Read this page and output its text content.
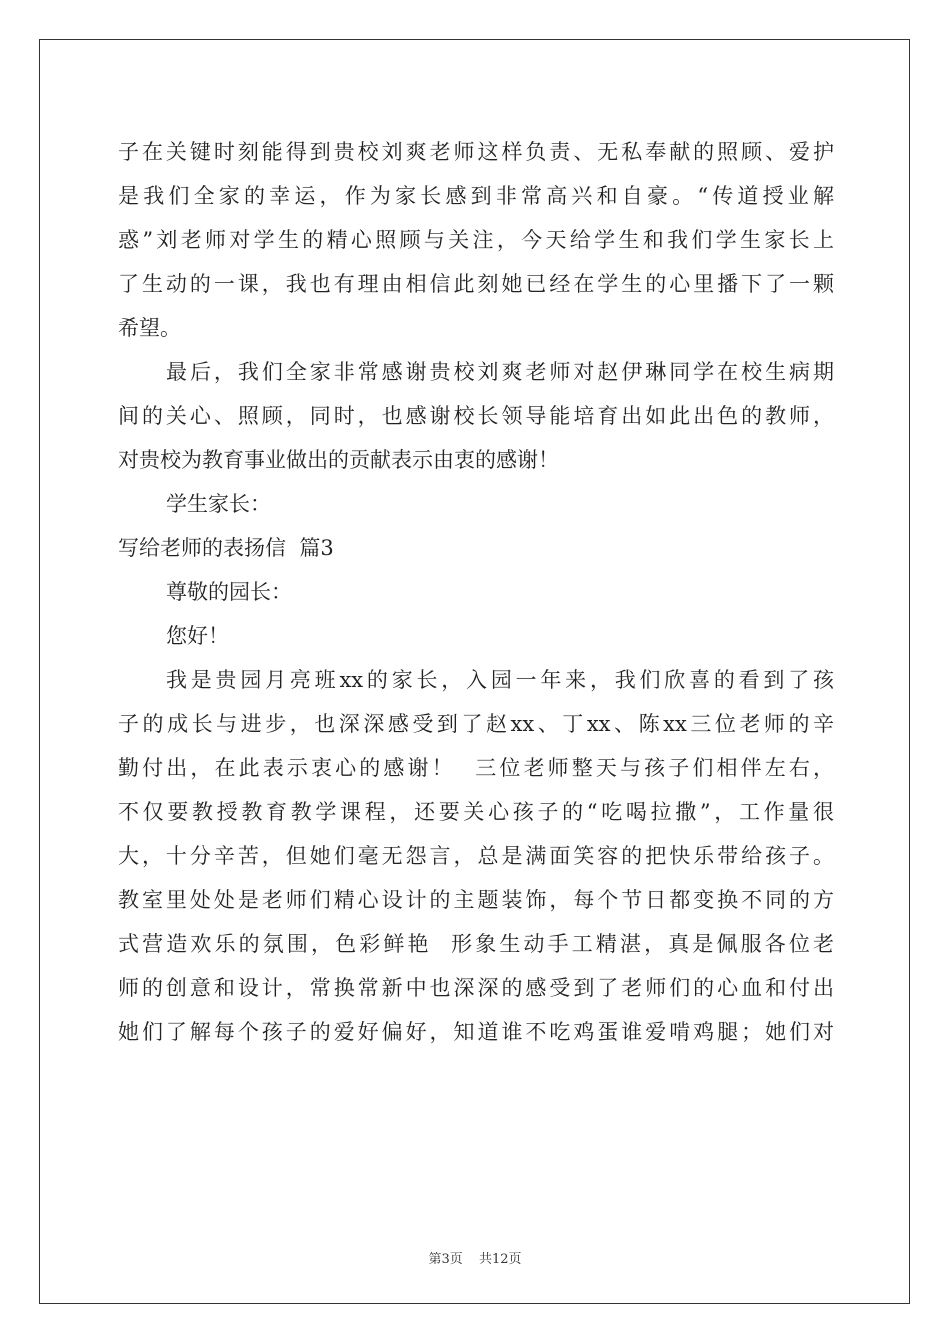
子在关键时刻能得到贵校刘爽老师这样负责、无私奉献的照顾、爱护
是我们全家的幸运，作为家长感到非常高兴和自豪。“传道授业解
惑”刘老师对学生的精心照顾与关注，今天给学生和我们学生家长上
了生动的一课，我也有理由相信此刻她已经在学生的心里播下了一颗
希望。
最后，我们全家非常感谢贵校刘爽老师对赵伊琳同学在校生病期
间的关心、照顾，同时，也感谢校长领导能培育出如此出色的教师，
对贵校为教育事业做出的贡献表示由衷的感谢！
学生家长：
写给老师的表扬信  篇3
尊敬的园长：
您好！
我是贵园月亮班xx的家长，入园一年来，我们欣喜的看到了孩
子的成长与进步，也深深感受到了赵xx、丁xx、陈xx三位老师的辛
勤付出，在此表示衷心的感谢！  三位老师整天与孩子们相伴左右，
不仅要教授教育教学课程，还要关心孩子的“吃喝拉撒”，工作量很
大，十分辛苦，但她们毫无怨言，总是满面笑容的把快乐带给孩子。
教室里处处是老师们精心设计的主题装饰，每个节日都变换不同的方
式营造欢乐的氛围，色彩鲜艳  形象生动手工精湛，真是佩服各位老
师的创意和设计，常换常新中也深深的感受到了老师们的心血和付出
她们了解每个孩子的爱好偏好，知道谁不吃鸡蛋谁爱啃鸡腿；她们对
第3页 共12页
